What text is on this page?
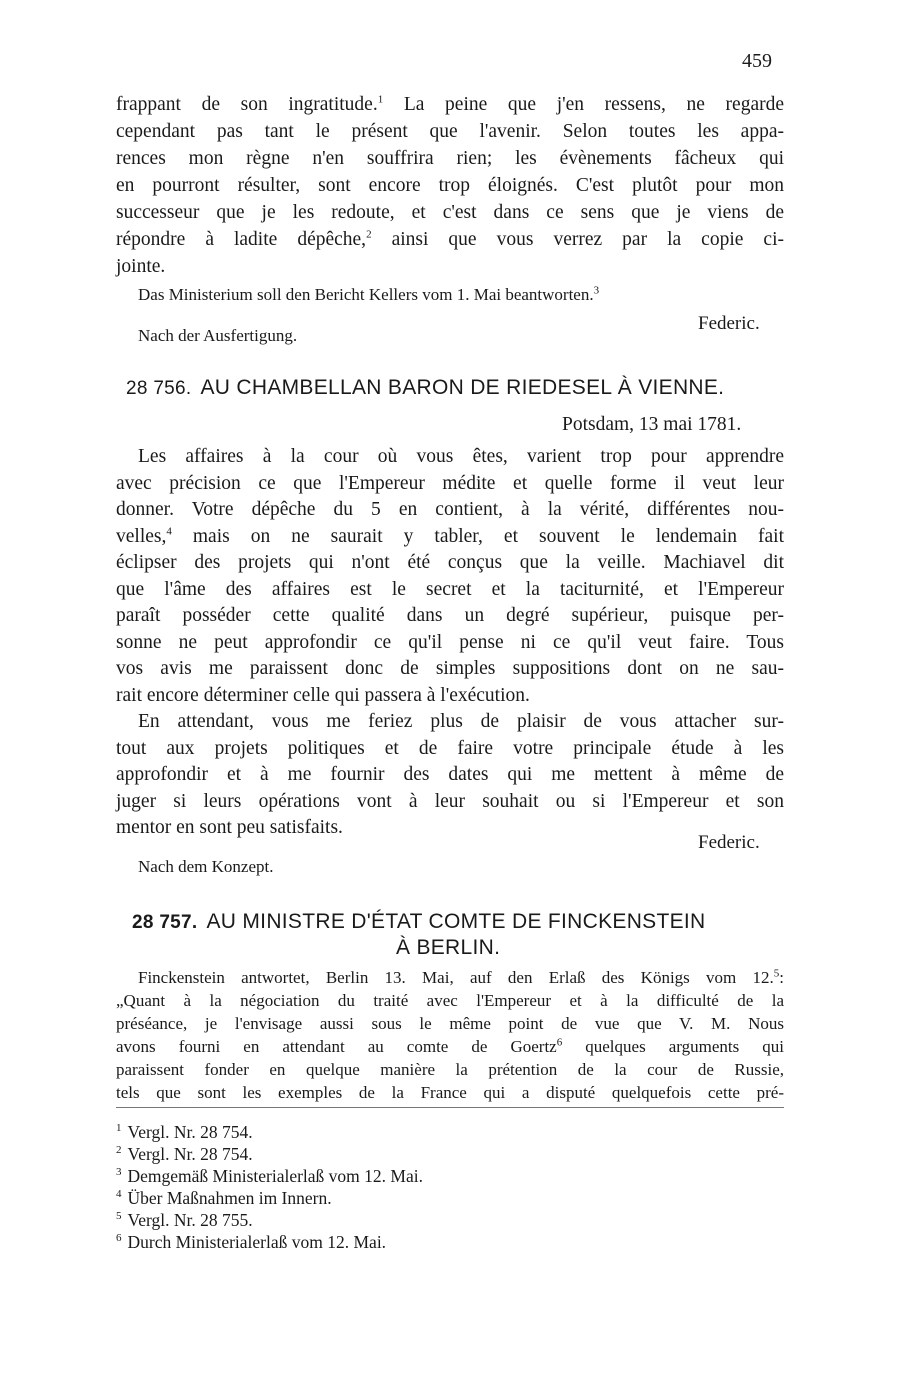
459
frappant de son ingratitude.$^1$ La peine que j'en ressens, ne regarde
cependant pas tant le présent que l'avenir. Selon toutes les appa-
rences mon règne n'en souffrira rien; les évènements fâcheux qui
en pourront résulter, sont encore trop éloignés. C'est plutôt pour mon
successeur que je les redoute, et c'est dans ce sens que je viens de
répondre à ladite dépêche,$^2$ ainsi que vous verrez par la copie ci-
jointe.
Das Ministerium soll den Bericht Kellers vom 1. Mai beantworten.$^3$
Federic.
Nach der Ausfertigung.
28 756. AU CHAMBELLAN BARON DE RIEDESEL À VIENNE.
Potsdam, 13 mai 1781.
Les affaires à la cour où vous êtes, varient trop pour apprendre
avec précision ce que l'Empereur médite et quelle forme il veut leur
donner. Votre dépêche du 5 en contient, à la vérité, différentes nou-
velles,$^4$ mais on ne saurait y tabler, et souvent le lendemain fait
éclipser des projets qui n'ont été conçus que la veille. Machiavel dit
que l'âme des affaires est le secret et la taciturnité, et l'Empereur
paraît posséder cette qualité dans un degré supérieur, puisque per-
sonne ne peut approfondir ce qu'il pense ni ce qu'il veut faire. Tous
vos avis me paraissent donc de simples suppositions dont on ne sau-
rait encore déterminer celle qui passera à l'exécution.
En attendant, vous me feriez plus de plaisir de vous attacher sur-
tout aux projets politiques et de faire votre principale étude à les
approfondir et à me fournir des dates qui me mettent à même de
juger si leurs opérations vont à leur souhait ou si l'Empereur et son
mentor en sont peu satisfaits.
Federic.
Nach dem Konzept.
28 757. AU MINISTRE D'ÉTAT COMTE DE FINCKENSTEIN
À BERLIN.
Finckenstein antwortet, Berlin 13. Mai, auf den Erlaß des Königs vom 12.$^5$:
„Quant à la négociation du traité avec l'Empereur et à la difficulté de la
préséance, je l'envisage aussi sous le même point de vue que V. M. Nous
avons fourni en attendant au comte de Goertz$^6$ quelques arguments qui
paraissent fonder en quelque manière la prétention de la cour de Russie,
tels que sont les exemples de la France qui a disputé quelquefois cette pré-
$^1$ Vergl. Nr. 28 754.
$^2$ Vergl. Nr. 28 754.
$^3$ Demgemäß Ministerialerlaß vom 12. Mai.
$^4$ Über Maßnahmen im Innern.
$^5$ Vergl. Nr. 28 755.
$^6$ Durch Ministerialerlaß vom 12. Mai.
